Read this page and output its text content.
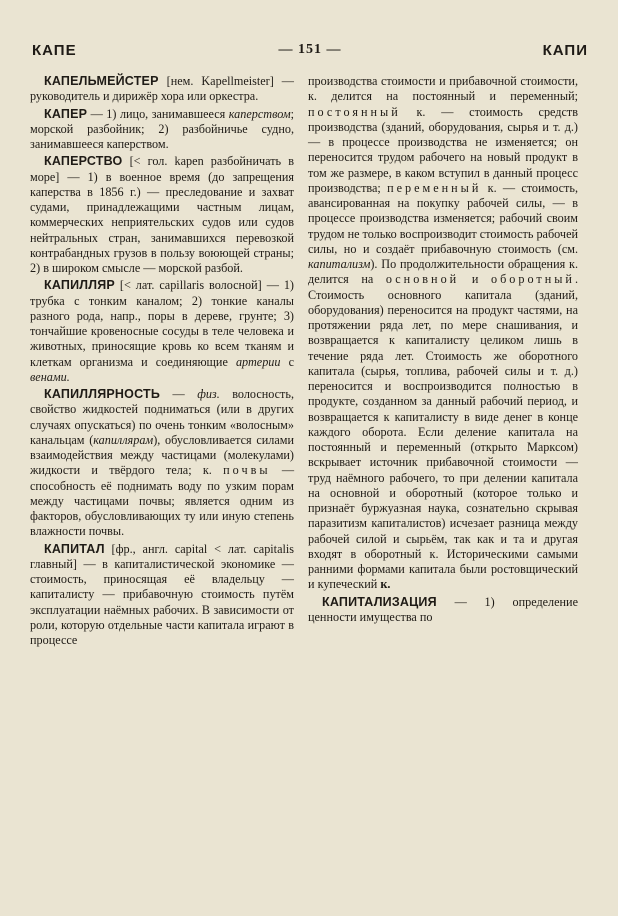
КАПЕ	— 151 —	КАПИ

КАПЕЛЬМЕЙСТЕР [нем. Kapellmeister] — руководитель и дирижёр хора или оркестра.

КАПЕР — 1) лицо, занимавшееся каперством; морской разбойник; 2) разбойничье судно, занимавшееся каперством.

КАПЕРСТВО [< гол. kapen разбойничать в море] — 1) в военное время (до запрещения каперства в 1856 г.) — преследование и захват судами, принадлежащими частным лицам, коммерческих неприятельских судов или судов нейтральных стран, занимавшихся перевозкой контрабандных грузов в пользу воюющей страны; 2) в широком смысле — морской разбой.

КАПИЛЛЯР [< лат. capillaris волосной] — 1) трубка с тонким каналом; 2) тонкие каналы разного рода, напр., поры в дереве, грунте; 3) тончайшие кровеносные сосуды в теле человека и животных, приносящие кровь ко всем тканям и клеткам организма и соединяющие артерии с венами.

КАПИЛЛЯРНОСТЬ — физ. волосность, свойство жидкостей подниматься (или в других случаях опускаться) по очень тонким «волосным» канальцам (капиллярам), обусловливается силами взаимодействия между частицами (молекулами) жидкости и твёрдого тела; к. почвы — способность её поднимать воду по узким порам между частицами почвы; является одним из факторов, обусловливающих ту или иную степень влажности почвы.

КАПИТАЛ [фр., англ. capital < лат. capitalis главный] — в капиталистической экономике — стоимость, приносящая её владельцу — капиталисту — прибавочную стоимость путём эксплуатации наёмных рабочих. В зависимости от роли, которую отдельные части капитала играют в процессе

производства стоимости и прибавочной стоимости, к. делится на постоянный и переменный; постоянный к. — стоимость средств производства (зданий, оборудования, сырья и т. д.) — в процессе производства не изменяется; он переносится трудом рабочего на новый продукт в том же размере, в каком вступил в данный процесс производства; переменный к. — стоимость, авансированная на покупку рабочей силы, — в процессе производства изменяется; рабочий своим трудом не только воспроизводит стоимость рабочей силы, но и создаёт прибавочную стоимость (см. капитализм). По продолжительности обращения к. делится на основной и оборотный. Стоимость основного капитала (зданий, оборудования) переносится на продукт частями, на протяжении ряда лет, по мере снашивания, и возвращается к капиталисту целиком лишь в течение ряда лет. Стоимость же оборотного капитала (сырья, топлива, рабочей силы и т. д.) переносится и воспроизводится полностью в продукте, созданном за данный рабочий период, и возвращается к капиталисту в виде денег в конце каждого оборота. Если деление капитала на постоянный и переменный (открыто Марксом) вскрывает источник прибавочной стоимости — труд наёмного рабочего, то при делении капитала на основной и оборотный (которое только и признаёт буржуазная наука, сознательно скрывая паразитизм капиталистов) исчезает разница между рабочей силой и сырьём, так как и та и другая входят в оборотный к. Историческими самыми ранними формами капитала были ростовщический и купеческий к.

КАПИТАЛИЗАЦИЯ — 1) определение ценности имущества по
